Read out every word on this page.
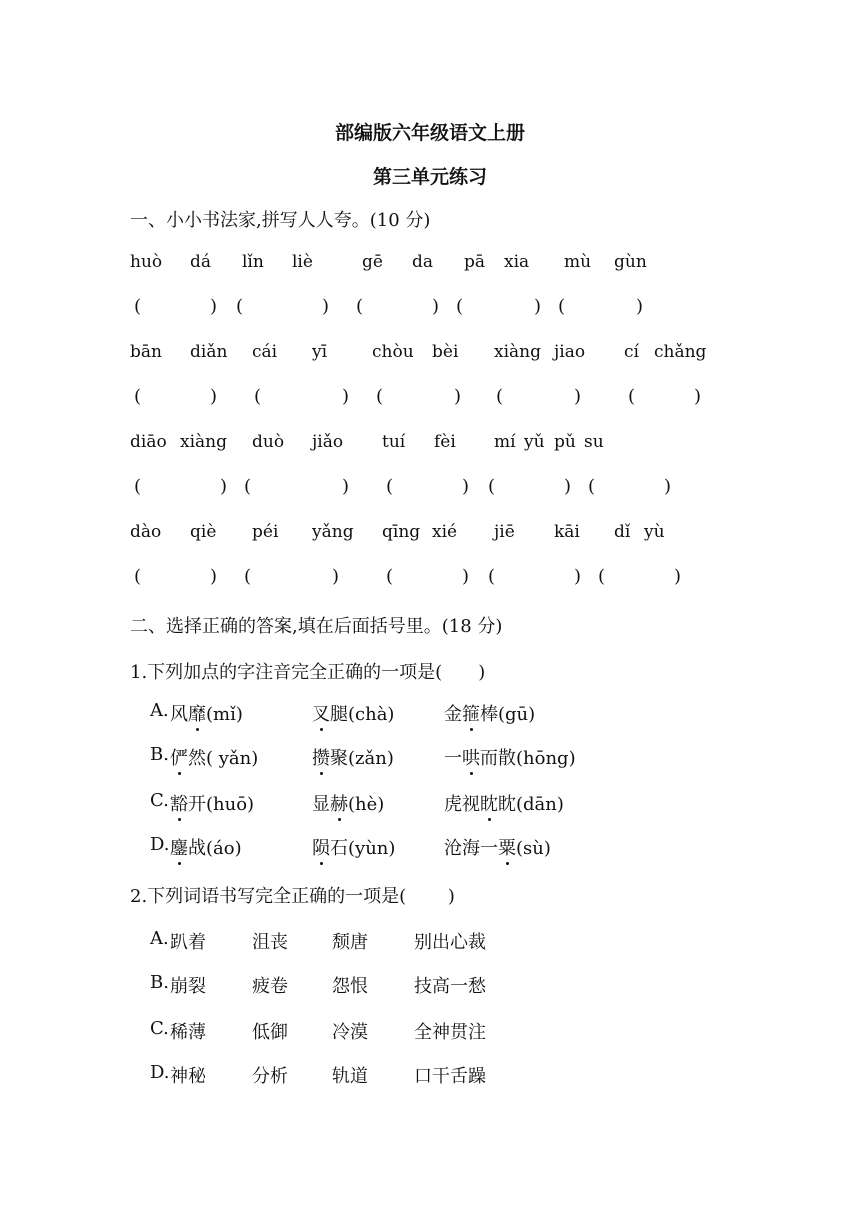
部编版六年级语文上册
第三单元练习
一、小小书法家,拼写人人夸。(10 分)
huò dá lǐn liè	gē da pā xia mù gùn
(	) (	) (	) (	) (	)
bān diǎn cái yī	chòu bèi xiàng jiao cí chǎng
(	) (	) (	) (	)	(	)
diāo xiàng duò jiǎo tuí fèi mí yǔ pǔ su
(	) (	) (	) (	) (	)
dào qiè péi yǎng qīng xié jiē kāi dǐ yù
(	) (	)	(	) (	) (	)
二、选择正确的答案,填在后面括号里。(18 分)
1.下列加点的字注音完全正确的一项是(　　)
A. 风靡(mǐ)	叉腿(chà)	金箍棒(gū)
B. 俨然( yǎn)	攒聚(zǎn)	一哄而散(hōng)
C. 豁开(huō)	显赫(hè)	虎视眈眈(dān)
D. 鏖战(áo)	陨石(yùn)	沧海一粟(sù)
2.下列词语书写完全正确的一项是(　　 )
A. 趴着	沮丧 颓唐	别出心裁
B. 崩裂	疲卷 怨恨	技高一愁
C. 稀薄	低御 冷漠	全神贯注
D. 神秘	分析 轨道	口干舌躁
